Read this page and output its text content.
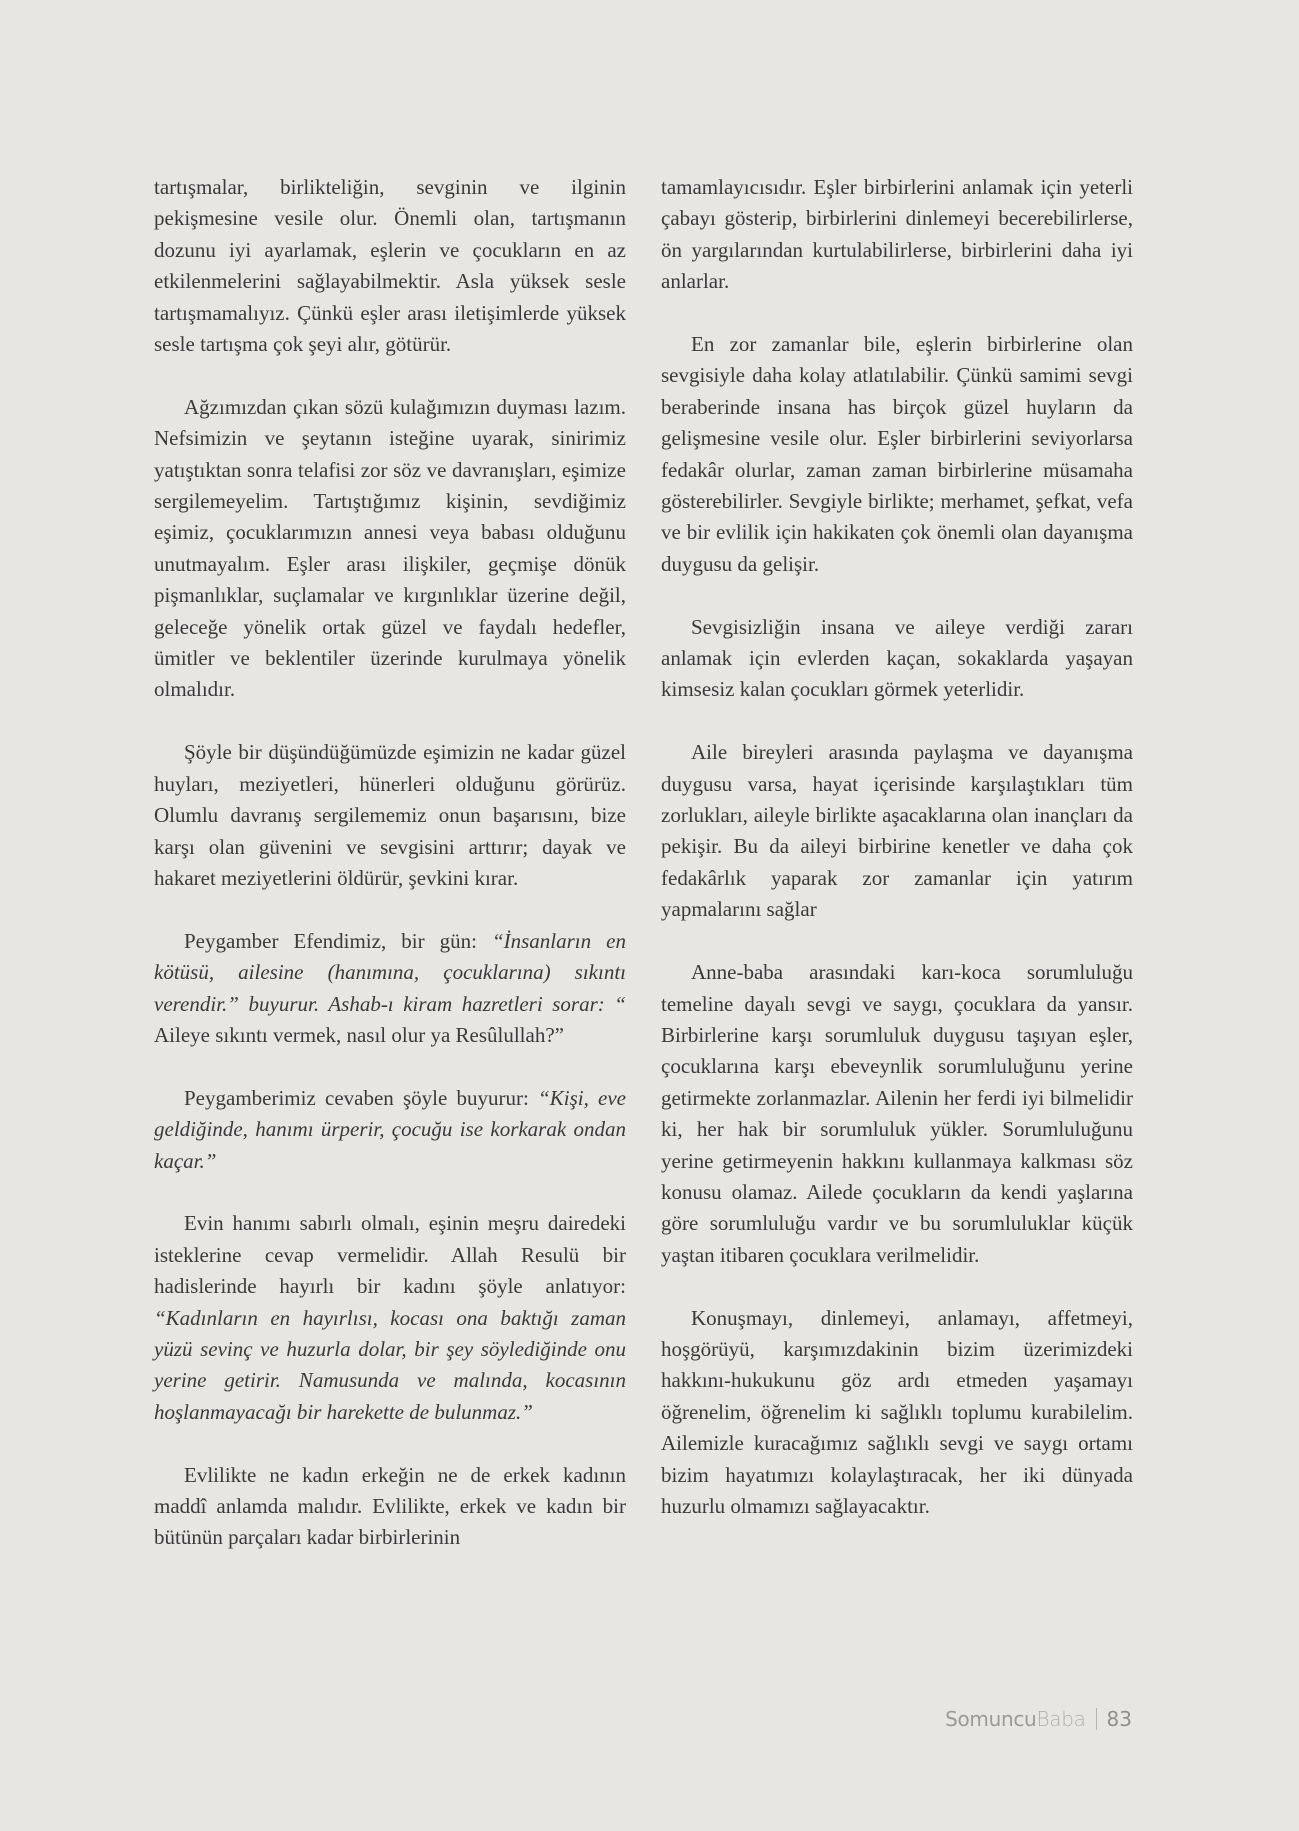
tartışmalar, birlikteliğin, sevginin ve ilginin pekişmesine vesile olur. Önemli olan, tartışmanın dozunu iyi ayarlamak, eşlerin ve çocukların en az etkilenmelerini sağlayabilmektir. Asla yüksek sesle tartışmamalıyız. Çünkü eşler arası iletişimlerde yüksek sesle tartışma çok şeyi alır, götürür.

Ağzımızdan çıkan sözü kulağımızın duyması lazım. Nefsimizin ve şeytanın isteğine uyarak, sinirimiz yatıştıktan sonra telafisi zor söz ve davranışları, eşimize sergilemeyelim. Tartıştığımız kişinin, sevdiğimiz eşimiz, çocuklarımızın annesi veya babası olduğunu unutmayalım. Eşler arası ilişkiler, geçmişe dönük pişmanlıklar, suçlamalar ve kırgınlıklar üzerine değil, geleceğe yönelik ortak güzel ve faydalı hedefler, ümitler ve beklentiler üzerinde kurulmaya yönelik olmalıdır.

Şöyle bir düşündüğümüzde eşimizin ne kadar güzel huyları, meziyetleri, hünerleri olduğunu görürüz. Olumlu davranış sergilememiz onun başarısını, bize karşı olan güvenini ve sevgisini arttırır; dayak ve hakaret meziyetlerini öldürür, şevkini kırar.

Peygamber Efendimiz, bir gün: “İnsanların en kötüsü, ailesine (hanımına, çocuklarına) sıkıntı verendir.” buyurur. Ashab-ı kiram hazretleri sorar: “ Aileye sıkıntı vermek, nasıl olur ya Resûlullah?”

Peygamberimiz cevaben şöyle buyurur: “Kişi, eve geldiğinde, hanımı ürperir, çocuğu ise korkarak ondan kaçar.”

Evin hanımı sabırlı olmalı, eşinin meşru dairedeki isteklerine cevap vermelidir. Allah Resulü bir hadislerinde hayırlı bir kadını şöyle anlatıyor: “Kadınların en hayırlısı, kocası ona baktığı zaman yüzü sevinç ve huzurla dolar, bir şey söylediğinde onu yerine getirir. Namusunda ve malında, kocasının hoşlanmayacağı bir harekette de bulunmaz.”

Evlilikte ne kadın erkeğin ne de erkek kadının maddî anlamda malıdır. Evlilikte, erkek ve kadın bir bütünün parçaları kadar birbirlerinin

tamamlayıcısıdır. Eşler birbirlerini anlamak için yeterli çabayı gösterip, birbirlerini dinlemeyi becerebilirlerse, ön yargılarından kurtulabilirlerse, birbirlerini daha iyi anlarlar.

En zor zamanlar bile, eşlerin birbirlerine olan sevgisiyle daha kolay atlatılabilir. Çünkü samimi sevgi beraberinde insana has birçok güzel huyların da gelişmesine vesile olur. Eşler birbirlerini seviyorlarsa fedakâr olurlar, zaman zaman birbirlerine müsamaha gösterebilirler. Sevgiyle birlikte; merhamet, şefkat, vefa ve bir evlilik için hakikaten çok önemli olan dayanışma duygusu da gelişir.

Sevgisizliğin insana ve aileye verdiği zararı anlamak için evlerden kaçan, sokaklarda yaşayan kimsesiz kalan çocukları görmek yeterlidir.

Aile bireyleri arasında paylaşma ve dayanışma duygusu varsa, hayat içerisinde karşılaştıkları tüm zorlukları, aileyle birlikte aşacaklarına olan inançları da pekişir. Bu da aileyi birbirine kenetler ve daha çok fedakârlık yaparak zor zamanlar için yatırım yapmalarını sağlar

Anne-baba arasındaki karı-koca sorumluluğu temeline dayalı sevgi ve saygı, çocuklara da yansır. Birbirlerine karşı sorumluluk duygusu taşıyan eşler, çocuklarına karşı ebeveynlik sorumluluğunu yerine getirmekte zorlanmazlar. Ailenin her ferdi iyi bilmelidir ki, her hak bir sorumluluk yükler. Sorumluluğunu yerine getirmeyenin hakkını kullanmaya kalkması söz konusu olamaz. Ailede çocukların da kendi yaşlarına göre sorumluluğu vardır ve bu sorumluluklar küçük yaştan itibaren çocuklara verilmelidir.

Konuşmayı, dinlemeyi, anlamayı, affetmeyi, hoşgörüyü, karşımızdakinin bizim üzerimizdeki hakkını-hukukunu göz ardı etmeden yaşamayı öğrenelim, öğrenelim ki sağlıklı toplumu kurabilelim. Ailemizle kuracağımız sağlıklı sevgi ve saygı ortamı bizim hayatımızı kolaylaştıracak, her iki dünyada huzurlu olmamızı sağlayacaktır.

Somuncu Baba 83
